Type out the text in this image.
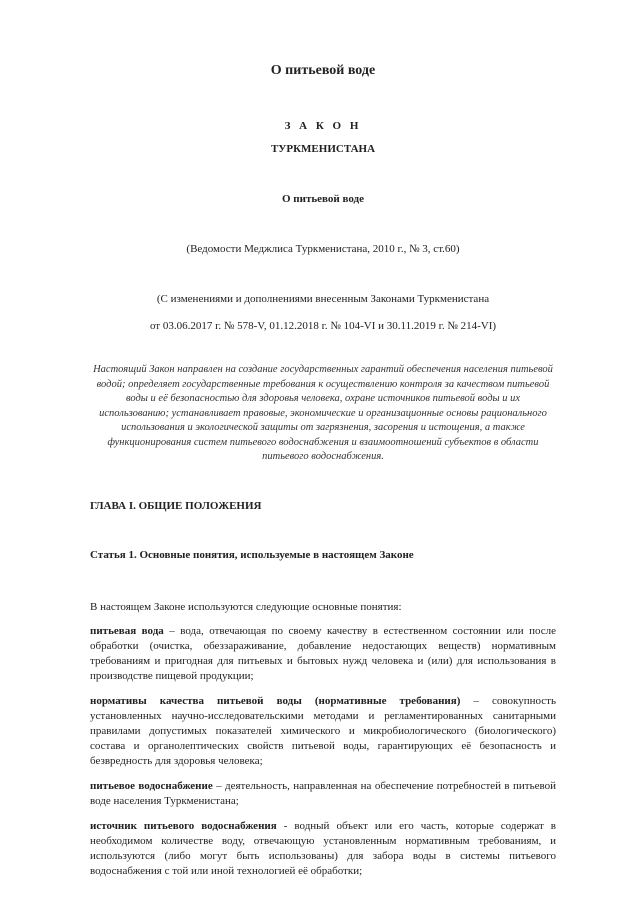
О питьевой воде
З А К О Н
ТУРКМЕНИСТАНА
О питьевой воде
(Ведомости Меджлиса Туркменистана, 2010 г., № 3, ст.60)
(С изменениями и дополнениями внесенным Законами Туркменистана
от 03.06.2017 г. № 578-V, 01.12.2018 г. № 104-VI и 30.11.2019 г. № 214-VI)
Настоящий Закон направлен на создание государственных гарантий обеспечения населения питьевой водой; определяет государственные требования к осуществлению контроля за качеством питьевой воды и её безопасностью для здоровья человека, охране источников питьевой воды и их использованию; устанавливает правовые, экономические и организационные основы рационального использования и экологической защиты от загрязнения, засорения и истощения, а также функционирования систем питьевого водоснабжения и взаимоотношений субъектов в области питьевого водоснабжения.
ГЛАВА I. ОБЩИЕ ПОЛОЖЕНИЯ
Статья 1. Основные понятия, используемые в настоящем Законе
В настоящем Законе используются следующие основные понятия:
питьевая вода – вода, отвечающая по своему качеству в естественном состоянии или после обработки (очистка, обеззараживание, добавление недостающих веществ) нормативным требованиям и пригодная для питьевых и бытовых нужд человека и (или) для использования в производстве пищевой продукции;
нормативы качества питьевой воды (нормативные требования) – совокупность установленных научно-исследовательскими методами и регламентированных санитарными правилами допустимых показателей химического и микробиологического (биологического) состава и органолептических свойств питьевой воды, гарантирующих её безопасность и безвредность для здоровья человека;
питьевое водоснабжение – деятельность, направленная на обеспечение потребностей в питьевой воде населения Туркменистана;
источник питьевого водоснабжения - водный объект или его часть, которые содержат в необходимом количестве воду, отвечающую установленным нормативным требованиям, и используются (либо могут быть использованы) для забора воды в системы питьевого водоснабжения с той или иной технологией её обработки;
